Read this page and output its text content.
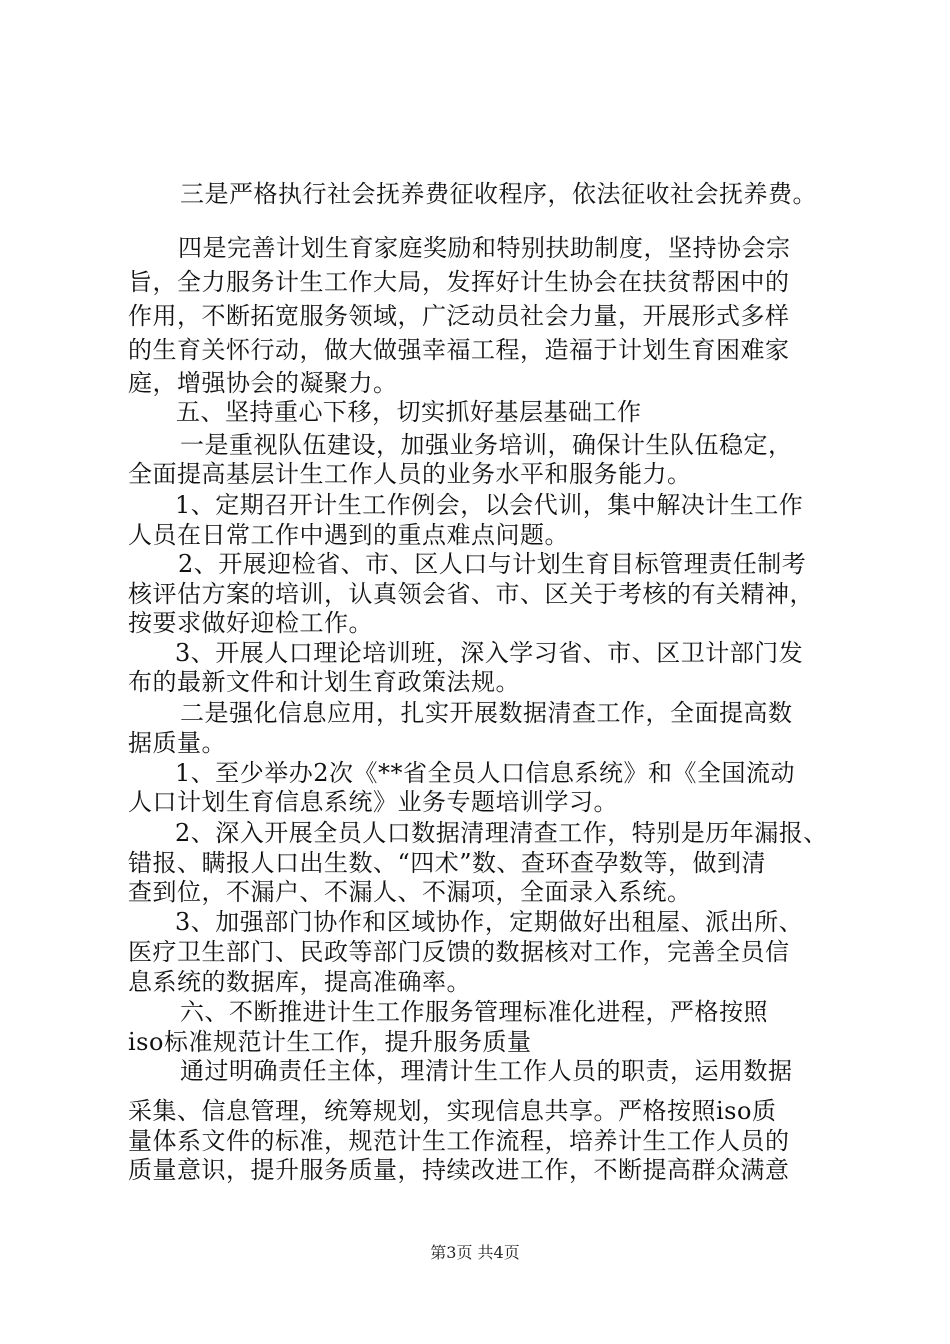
三是严格执行社会抚养费征收程序，依法征收社会抚养费。
四是完善计划生育家庭奖励和特别扶助制度，坚持协会宗
旨，全力服务计生工作大局，发挥好计生协会在扶贫帮困中的
作用，不断拓宽服务领域，广泛动员社会力量，开展形式多样
的生育关怀行动，做大做强幸福工程，造福于计划生育困难家
庭，增强协会的凝聚力。
五、坚持重心下移，切实抓好基层基础工作
一是重视队伍建设，加强业务培训，确保计生队伍稳定，
全面提高基层计生工作人员的业务水平和服务能力。
1、定期召开计生工作例会，以会代训，集中解决计生工作
人员在日常工作中遇到的重点难点问题。
2、开展迎检省、市、区人口与计划生育目标管理责任制考
核评估方案的培训，认真领会省、市、区关于考核的有关精神，
按要求做好迎检工作。
3、开展人口理论培训班，深入学习省、市、区卫计部门发
布的最新文件和计划生育政策法规。
二是强化信息应用，扎实开展数据清查工作，全面提高数
据质量。
1、至少举办2次《**省全员人口信息系统》和《全国流动
人口计划生育信息系统》业务专题培训学习。
2、深入开展全员人口数据清理清查工作，特别是历年漏报、
错报、瞒报人口出生数、“四术”数、查环查孕数等，做到清
查到位，不漏户、不漏人、不漏项，全面录入系统。
3、加强部门协作和区域协作，定期做好出租屋、派出所、
医疗卫生部门、民政等部门反馈的数据核对工作，完善全员信
息系统的数据库，提高准确率。
六、不断推进计生工作服务管理标准化进程，严格按照
iso标准规范计生工作，提升服务质量
通过明确责任主体，理清计生工作人员的职责，运用数据
采集、信息管理，统筹规划，实现信息共享。严格按照iso质
量体系文件的标准，规范计生工作流程，培养计生工作人员的
质量意识，提升服务质量，持续改进工作，不断提高群众满意
第3页 共4页
